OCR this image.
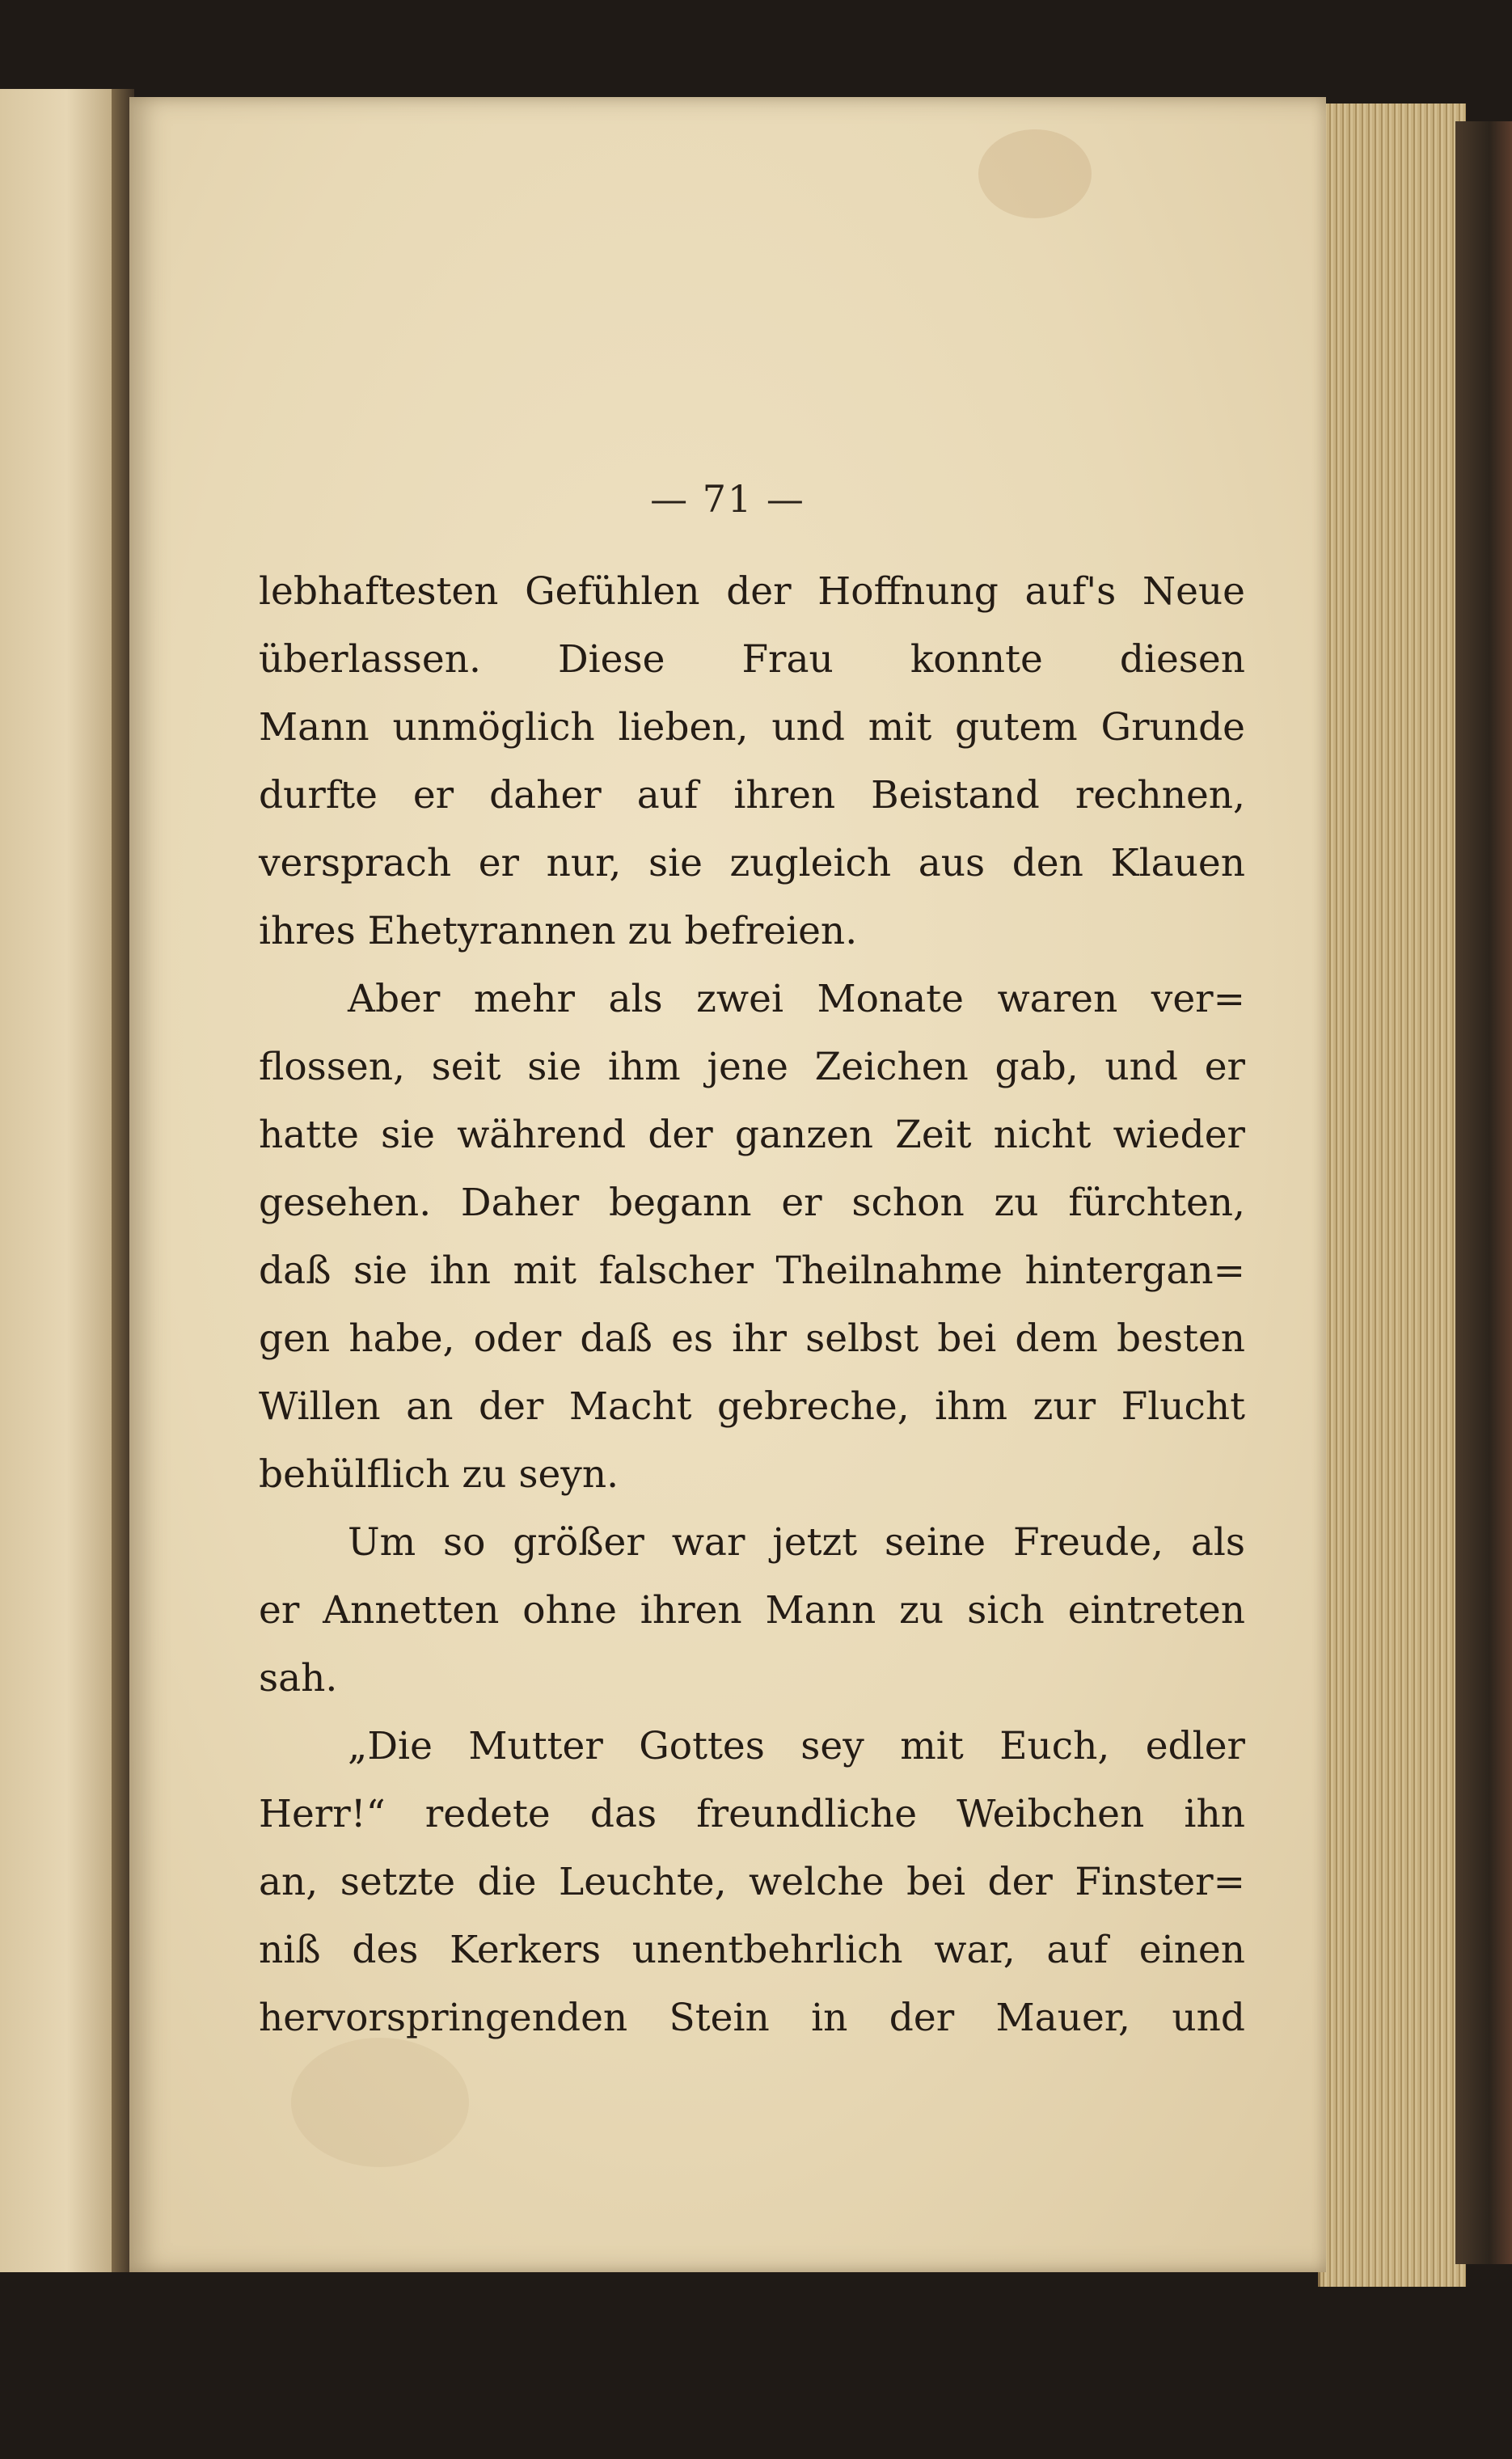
— 71 —
lebhaftesten Gefühlen der Hoffnung auf's Neue
überlassen. Diese Frau konnte diesen
Mann unmöglich lieben, und mit gutem Grunde
durfte er daher auf ihren Beistand rechnen,
versprach er nur, sie zugleich aus den Klauen
ihres Ehetyrannen zu befreien.
Aber mehr als zwei Monate waren ver=
flossen, seit sie ihm jene Zeichen gab, und er
hatte sie während der ganzen Zeit nicht wieder
gesehen. Daher begann er schon zu fürchten,
daß sie ihn mit falscher Theilnahme hintergan=
gen habe, oder daß es ihr selbst bei dem besten
Willen an der Macht gebreche, ihm zur Flucht
behülflich zu seyn.
Um so größer war jetzt seine Freude, als
er Annetten ohne ihren Mann zu sich eintreten
sah.
„Die Mutter Gottes sey mit Euch, edler
Herr!“ redete das freundliche Weibchen ihn
an, setzte die Leuchte, welche bei der Finster=
niß des Kerkers unentbehrlich war, auf einen
hervorspringenden Stein in der Mauer, und
